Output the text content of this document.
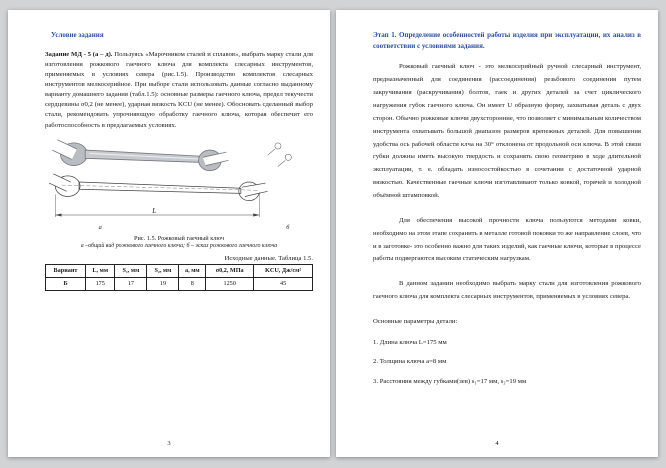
Условие задания

Задание МД - 5 (а – д). Пользуясь «Марочником сталей и сплавов», выбрать марку стали для изготовления рожкового гаечного ключа для комплекта слесарных инструментов, применяемых в условиях севера (рис.1.5). Производство комплектов слесарных инструментов мелкосерийное. При выборе стали использовать данные согласно выданному варианту домашнего задания (табл.1.5): основные размеры гаечного ключа, предел текучести сердцевины σ0,2 (не менее), ударная вязкость KCU (не менее). Обосновать сделанный выбор стали, рекомендовать упрочняющую обработку гаечного ключа, которая обеспечит его работоспособность в предлагаемых условиях.

L
а	б
Рис. 1.5. Рожковый гаечный ключ
а –общий вид рожкового гаечного ключа; б – эскиз рожкового гаечного ключа
Исходные данные. Таблица 1.5.
Вариант	L, мм	S₁, мм	S₂, мм	а, мм	σ0,2, МПа	KCU, Дж/см²
Б	175	17	19	8	1250	45
3
Этап 1. Определение особенностей работы изделия при эксплуатации, их анализ в соответствии с условиями задания.

Рожковый гаечный ключ - это мелкосерийный ручной слесарный инструмент, предназначенный для соединения (рассоединения) резьбового соединения путем закручивания (раскручивания) болтов, гаек и других деталей за счет циклического нагружения губок гаечного ключа. Он имеет U образную форму, захватывая деталь с двух сторон. Обычно рожковые ключи двухсторонние, что позволяет с минимальным количеством инструмента охватывать большой диапазон размеров крепежных деталей. Для повышения удобства ось рабочей области клча на 30° отклонена от продольной оси ключа. В этой связи губки должны иметь высокую твердость и сохранять свою геометрию в ходе длительной эксплуатации, т. е. обладать износостойкостью в сочетании с достаточной ударной вязкостью. Качественные гаечные ключи изготавливают только ковкой, горячей и холодной объёмной штамповкой.

Для обеспечения высокой прочности ключа пользуются методами ковки, необходимо на этом этапе сохранить в металле готовой поковки то же направление слоев, что и в заготовке- это особенно важно для таких изделий, как гаечные ключи, которые в процессе работы подвергаются высоким статическим нагрузкам.

В данном задании необходимо выбрать марку стали для изготовления рожкового гаечного ключа для комплекта слесарных инструментов, применяемых в условиях севера.

Основные параметры детали:
1. Длина ключа L=175 мм
2. Толщина ключа а=8 мм
3. Расстояния между губками(зев) s₁=17 мм, s₂=19 мм
4
